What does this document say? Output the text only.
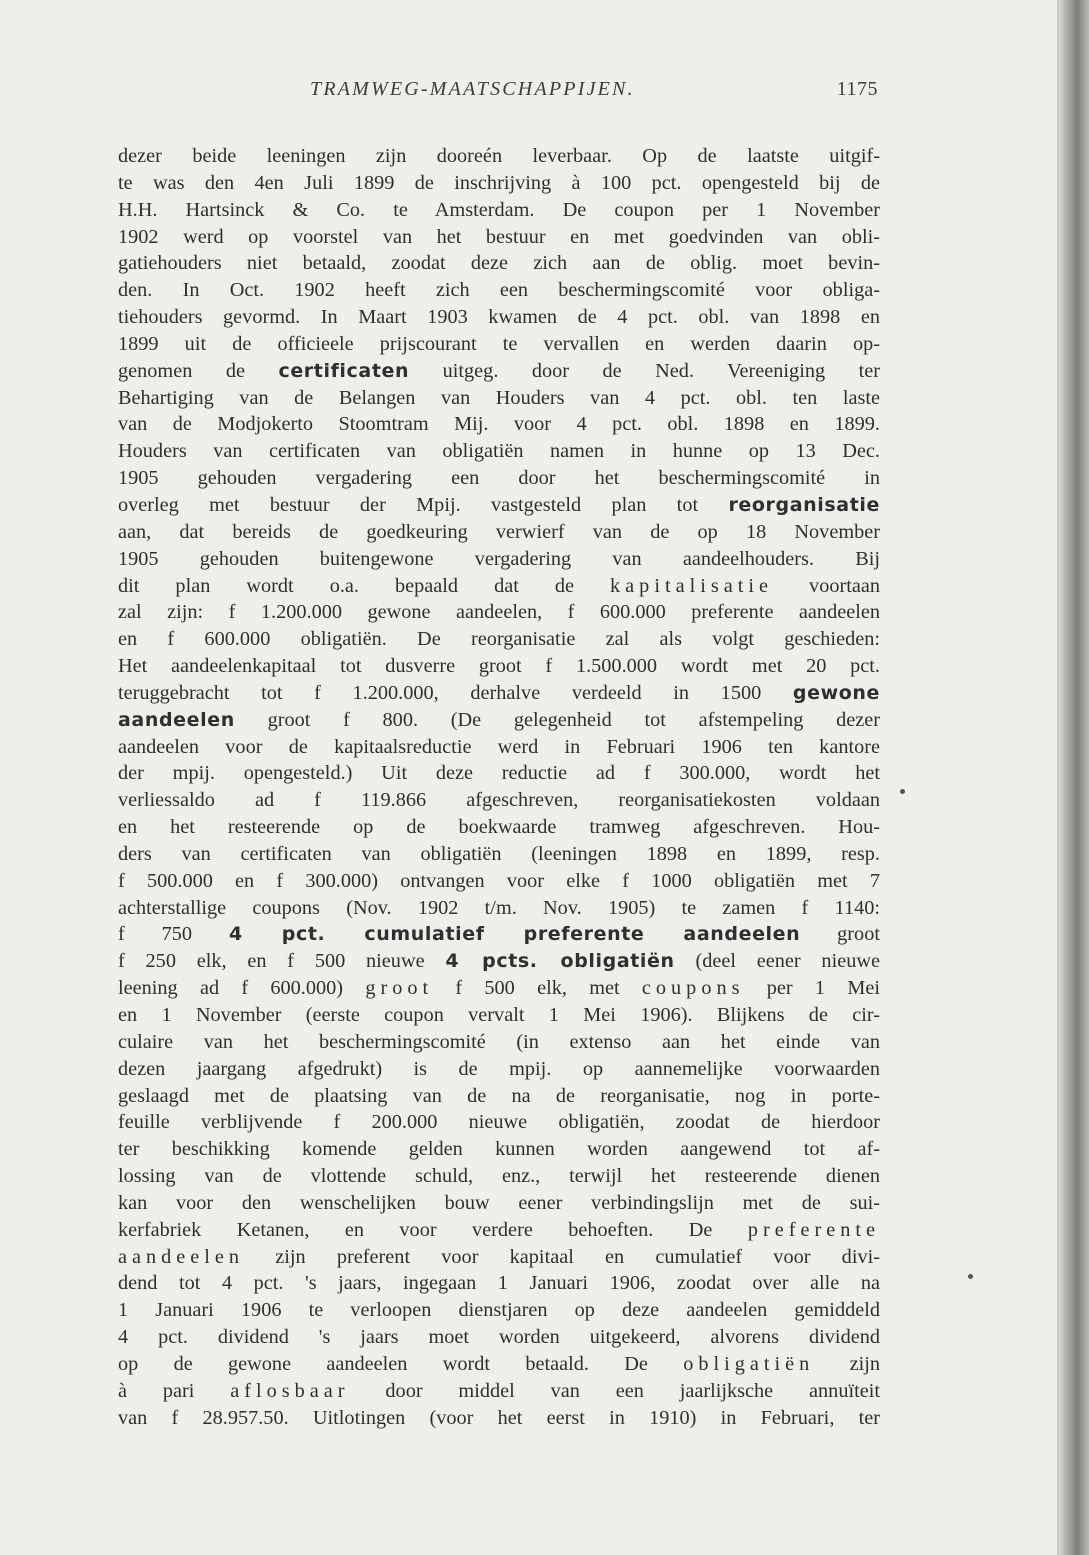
TRAMWEG-MAATSCHAPPIJEN.	1175
dezer beide leeningen zijn dooreén leverbaar. Op de laatste uitgif-
te was den 4en Juli 1899 de inschrijving à 100 pct. opengesteld bij de
H.H. Hartsinck & Co. te Amsterdam. De coupon per 1 November
1902 werd op voorstel van het bestuur en met goedvinden van obli-
gatiehouders niet betaald, zoodat deze zich aan de oblig. moet bevin-
den. In Oct. 1902 heeft zich een beschermingscomité voor obliga-
tiehouders gevormd. In Maart 1903 kwamen de 4 pct. obl. van 1898 en
1899 uit de officieele prijscourant te vervallen en werden daarin op-
genomen de certificaten uitgeg. door de Ned. Vereeniging ter
Behartiging van de Belangen van Houders van 4 pct. obl. ten laste
van de Modjokerto Stoomtram Mij. voor 4 pct. obl. 1898 en 1899.
Houders van certificaten van obligatiën namen in hunne op 13 Dec.
1905 gehouden vergadering een door het beschermingscomité in
overleg met bestuur der Mpij. vastgesteld plan tot reorganisatie
aan, dat bereids de goedkeuring verwierf van de op 18 November
1905 gehouden buitengewone vergadering van aandeelhouders. Bij
dit plan wordt o.a. bepaald dat de kapitalisatie voortaan
zal zijn: f 1.200.000 gewone aandeelen, f 600.000 preferente aandeelen
en f 600.000 obligatiën. De reorganisatie zal als volgt geschieden:
Het aandeelenkapitaal tot dusverre groot f 1.500.000 wordt met 20 pct.
teruggebracht tot f 1.200.000, derhalve verdeeld in 1500 gewone
aandeelen groot f 800. (De gelegenheid tot afstempeling dezer
aandeelen voor de kapitaalsreductie werd in Februari 1906 ten kantore
der mpij. opengesteld.) Uit deze reductie ad f 300.000, wordt het
verliessaldo ad f 119.866 afgeschreven, reorganisatiekosten voldaan
en het resteerende op de boekwaarde tramweg afgeschreven. Hou-
ders van certificaten van obligatiën (leeningen 1898 en 1899, resp.
f 500.000 en f 300.000) ontvangen voor elke f 1000 obligatiën met 7
achterstallige coupons (Nov. 1902 t/m. Nov. 1905) te zamen f 1140:
f 750 4 pct. cumulatief preferente aandeelen groot
f 250 elk, en f 500 nieuwe 4 pcts. obligatiën (deel eener nieuwe
leening ad f 600.000) groot f 500 elk, met coupons per 1 Mei
en 1 November (eerste coupon vervalt 1 Mei 1906). Blijkens de cir-
culaire van het beschermingscomité (in extenso aan het einde van
dezen jaargang afgedrukt) is de mpij. op aannemelijke voorwaarden
geslaagd met de plaatsing van de na de reorganisatie, nog in porte-
feuille verblijvende f 200.000 nieuwe obligatiën, zoodat de hierdoor
ter beschikking komende gelden kunnen worden aangewend tot af-
lossing van de vlottende schuld, enz., terwijl het resteerende dienen
kan voor den wenschelijken bouw eener verbindingslijn met de sui-
kerfabriek Ketanen, en voor verdere behoeften. De preferente
aandeelen zijn preferent voor kapitaal en cumulatief voor divi-
dend tot 4 pct. 's jaars, ingegaan 1 Januari 1906, zoodat over alle na
1 Januari 1906 te verloopen dienstjaren op deze aandeelen gemiddeld
4 pct. dividend 's jaars moet worden uitgekeerd, alvorens dividend
op de gewone aandeelen wordt betaald. De obligatiën zijn
à pari aflosbaar door middel van een jaarlijksche annuïteit
van f 28.957.50. Uitlotingen (voor het eerst in 1910) in Februari, ter
